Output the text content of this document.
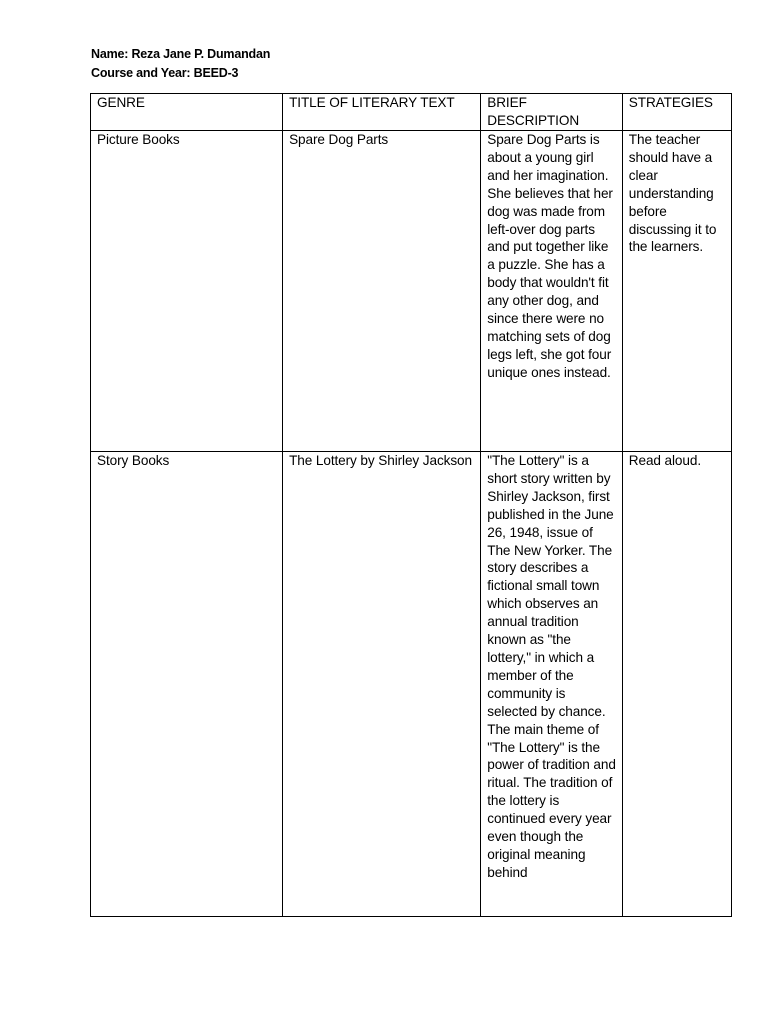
Name: Reza Jane P. Dumandan
Course and Year: BEED-3
GENRE	TITLE OF LITERARY TEXT	BRIEF DESCRIPTION	STRATEGIES
Picture Books	Spare Dog Parts	Spare Dog Parts is about a young girl and her imagination. She believes that her dog was made from left-over dog parts and put together like a puzzle. She has a body that wouldn't fit any other dog, and since there were no matching sets of dog legs left, she got four unique ones instead.	The teacher should have a clear understanding before discussing it to the learners.
Story Books	The Lottery by Shirley Jackson	"The Lottery" is a short story written by Shirley Jackson, first published in the June 26, 1948, issue of The New Yorker. The story describes a fictional small town which observes an annual tradition known as "the lottery," in which a member of the community is selected by chance. The main theme of "The Lottery" is the power of tradition and ritual. The tradition of the lottery is continued every year even though the original meaning behind	Read aloud.
